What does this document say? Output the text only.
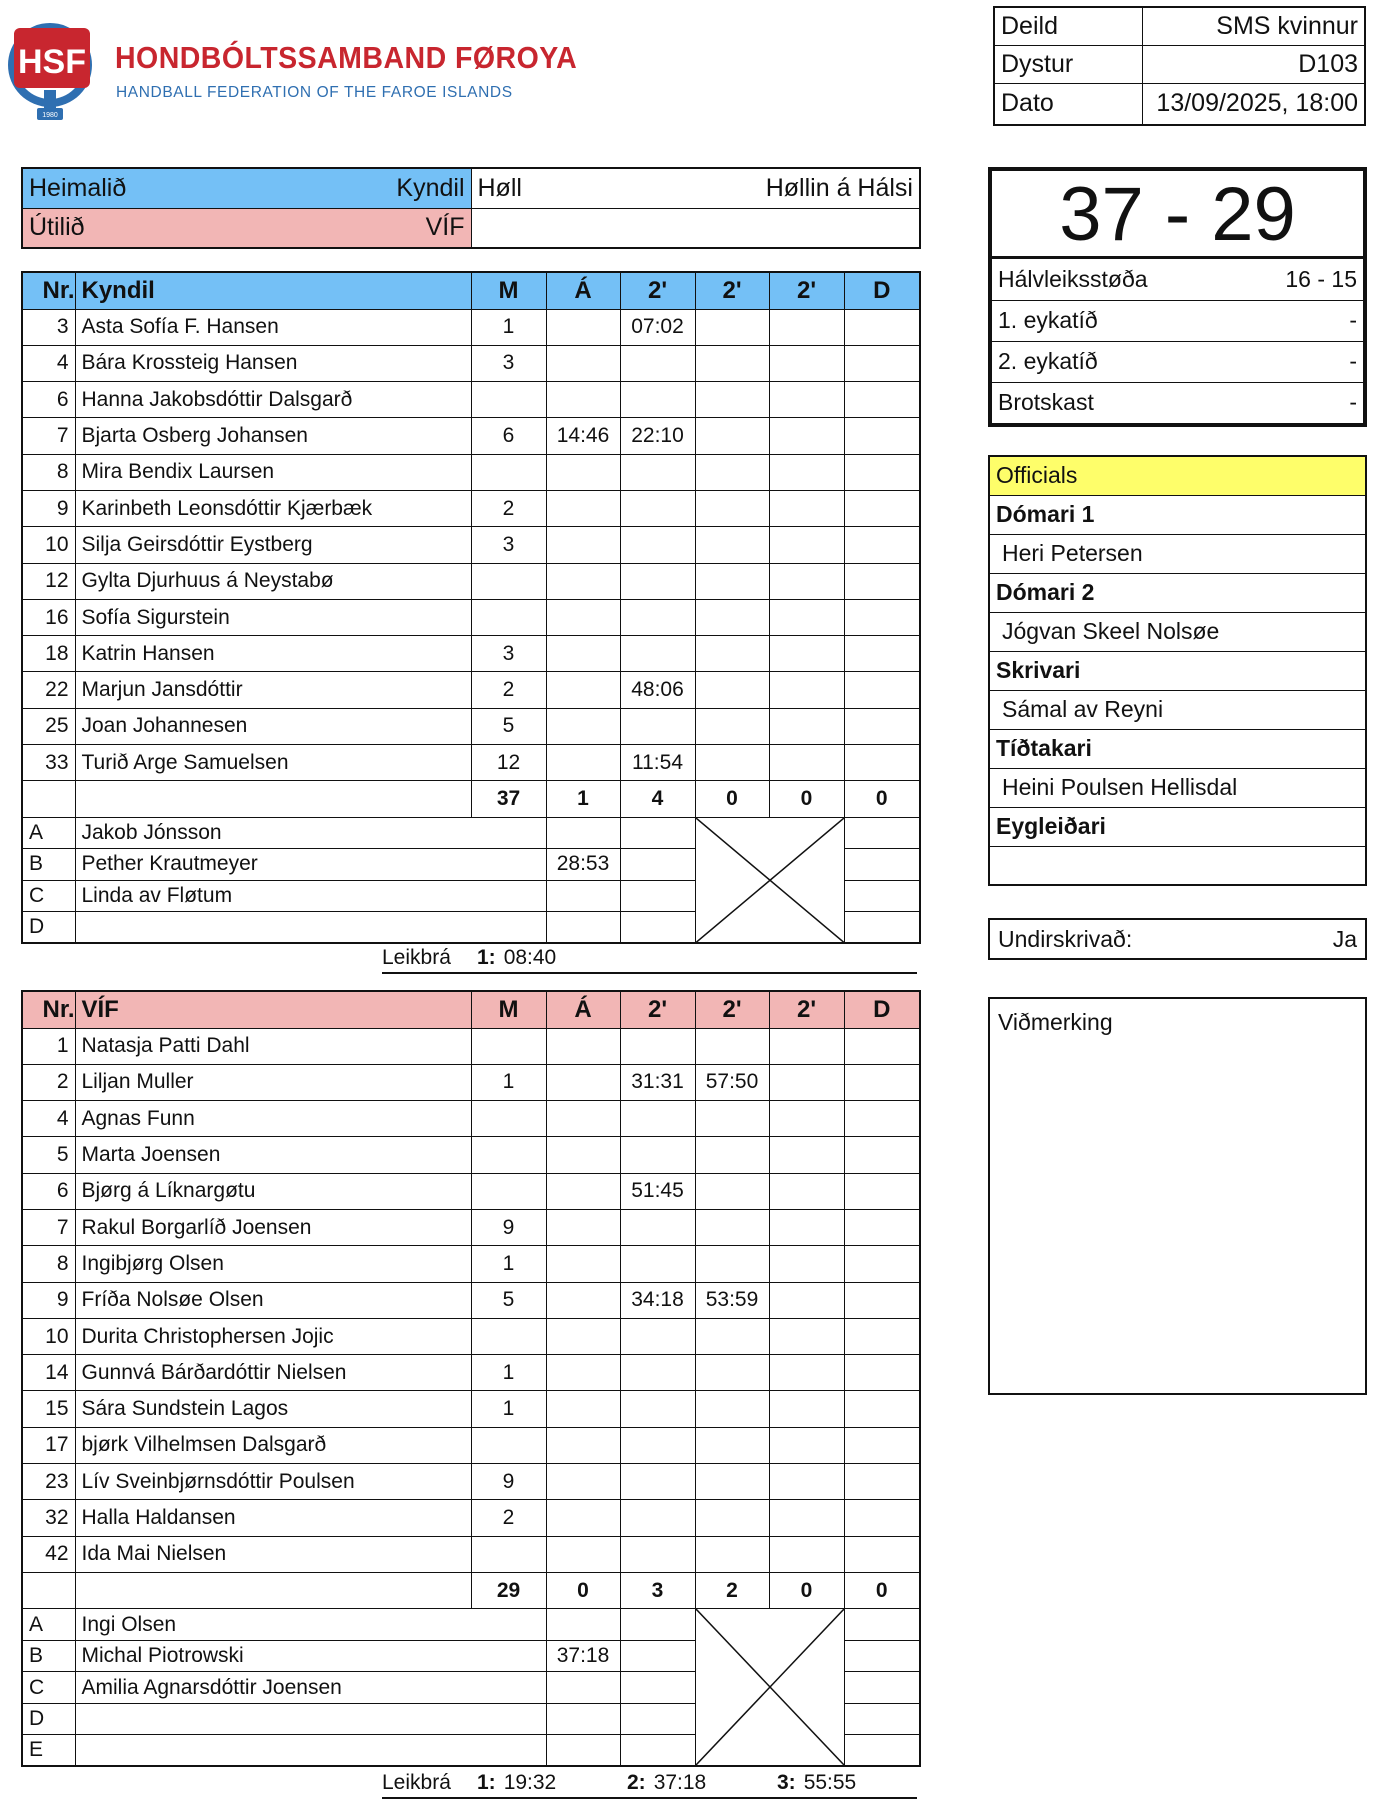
HSF
1980
HONDBÓLTSSAMBAND FØROYA
HANDBALL FEDERATION OF THE FAROE ISLANDS
Deild	SMS kvinnur
Dystur	D103
Dato	13/09/2025, 18:00
Heimalið Kyndil	Høll Høllin á Hálsi

Útilið VÍF	

Nr.	Kyndil	M	Á	2'	2'	2'	D
3	Asta Sofía F. Hansen	1		07:02			
4	Bára Krossteig Hansen	3					
6	Hanna Jakobsdóttir Dalsgarð						
7	Bjarta Osberg Johansen	6	14:46	22:10			
8	Mira Bendix Laursen						
9	Karinbeth Leonsdóttir Kjærbæk	2					
10	Silja Geirsdóttir Eystberg	3					
12	Gylta Djurhuus á Neystabø						
16	Sofía Sigurstein						
18	Katrin Hansen	3					
22	Marjun Jansdóttir	2		48:06			
25	Joan Johannesen	5					
33	Turið Arge Samuelsen	12		11:54			
		37	1	4	0	0	0
A	Jakob Jónsson			

B	Pether Krautmeyer		28:53				
C	Linda av Fløtum						
D							
Leikbrá 1: 08:40
Nr.	VÍF	M	Á	2'	2'	2'	D
1	Natasja Patti Dahl						
2	Liljan Muller	1		31:31	57:50		
4	Agnas Funn						
5	Marta Joensen						
6	Bjørg á Líknargøtu			51:45			
7	Rakul Borgarlíð Joensen	9					
8	Ingibjørg Olsen	1					
9	Fríða Nolsøe Olsen	5		34:18	53:59		
10	Durita Christophersen Jojic						
14	Gunnvá Bárðardóttir Nielsen	1					
15	Sára Sundstein Lagos	1					
17	bjørk Vilhelmsen Dalsgarð						
23	Lív Sveinbjørnsdóttir Poulsen	9					
32	Halla Haldansen	2					
42	Ida Mai Nielsen						
		29	0	3	2	0	0
A	Ingi Olsen			

B	Michal Piotrowski		37:18				
C	Amilia Agnarsdóttir Joensen						
D							
E							
Leikbrá 1: 19:32	2: 37:18	3: 55:55
37 - 29
Hálvleiksstøða	16 - 15
1. eykatíð	-
2. eykatíð	-
Brotskast	-
Officials
Dómari 1
Heri Petersen
Dómari 2
Jógvan Skeel Nolsøe
Skrivari
Sámal av Reyni
Tíðtakari
Heini Poulsen Hellisdal
Eygleiðari

Undirskrivað:	Ja
Viðmerking
